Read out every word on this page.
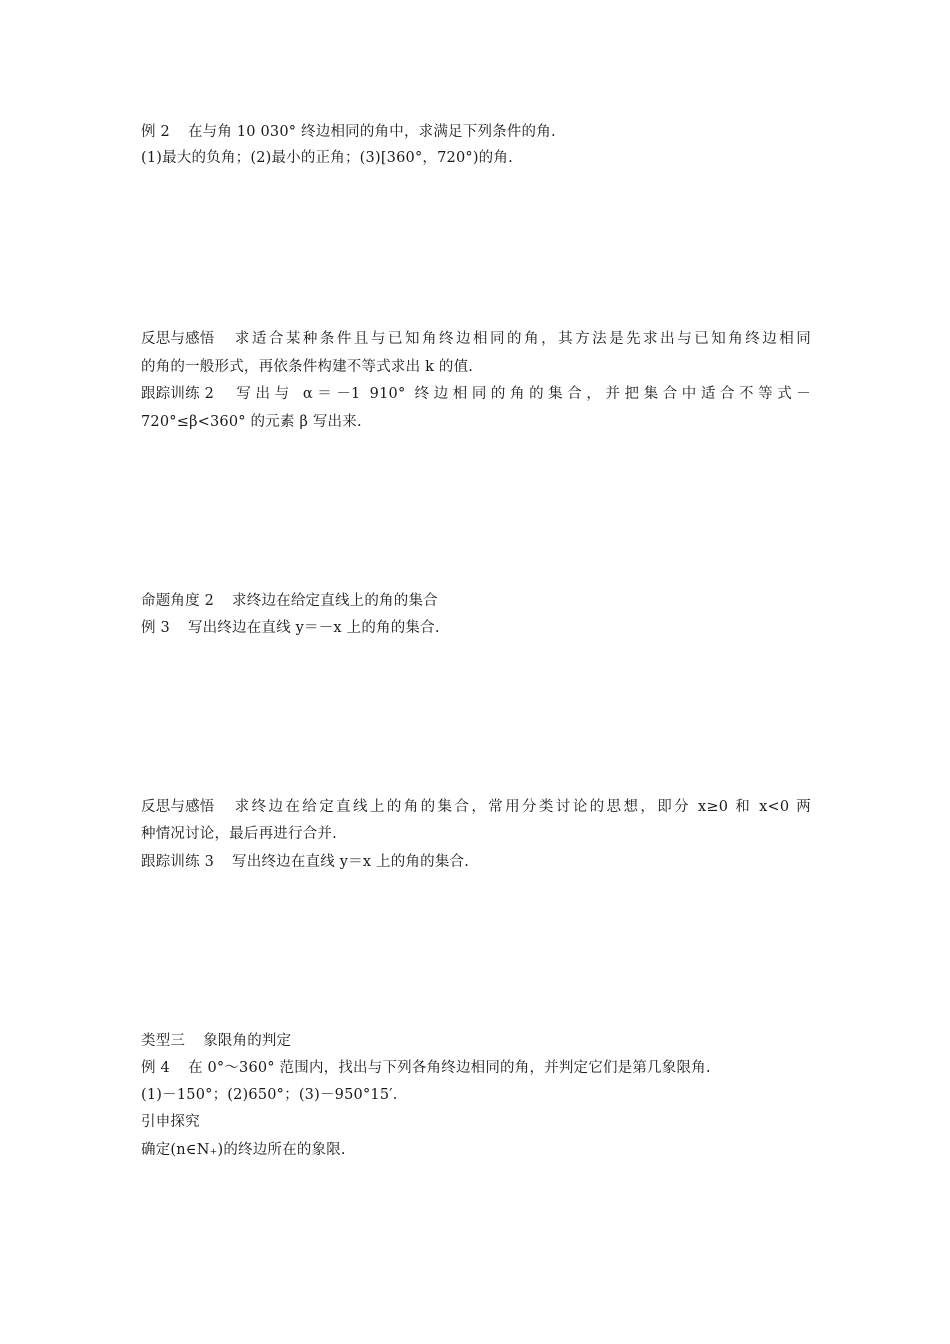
例 2 在与角 10 030° 终边相同的角中，求满足下列条件的角.
(1)最大的负角；(2)最小的正角；(3)[360°，720°)的角.
反思与感悟 求适合某种条件且与已知角终边相同的角，其方法是先求出与已知角终边相同
的角的一般形式，再依条件构建不等式求出 k 的值.
跟踪训练 2 写出与 α＝－1 910° 终边相同的角的集合，并把集合中适合不等式－
720°≤β<360° 的元素 β 写出来.
命题角度 2 求终边在给定直线上的角的集合
例 3 写出终边在直线 y＝－x 上的角的集合.
反思与感悟 求终边在给定直线上的角的集合，常用分类讨论的思想，即分 x≥0 和 x<0 两
种情况讨论，最后再进行合并.
跟踪训练 3 写出终边在直线 y＝x 上的角的集合.
类型三 象限角的判定
例 4 在 0°～360° 范围内，找出与下列各角终边相同的角，并判定它们是第几象限角.
(1)－150°；(2)650°；(3)－950°15′.
引申探究
确定(n∈N₊)的终边所在的象限.
